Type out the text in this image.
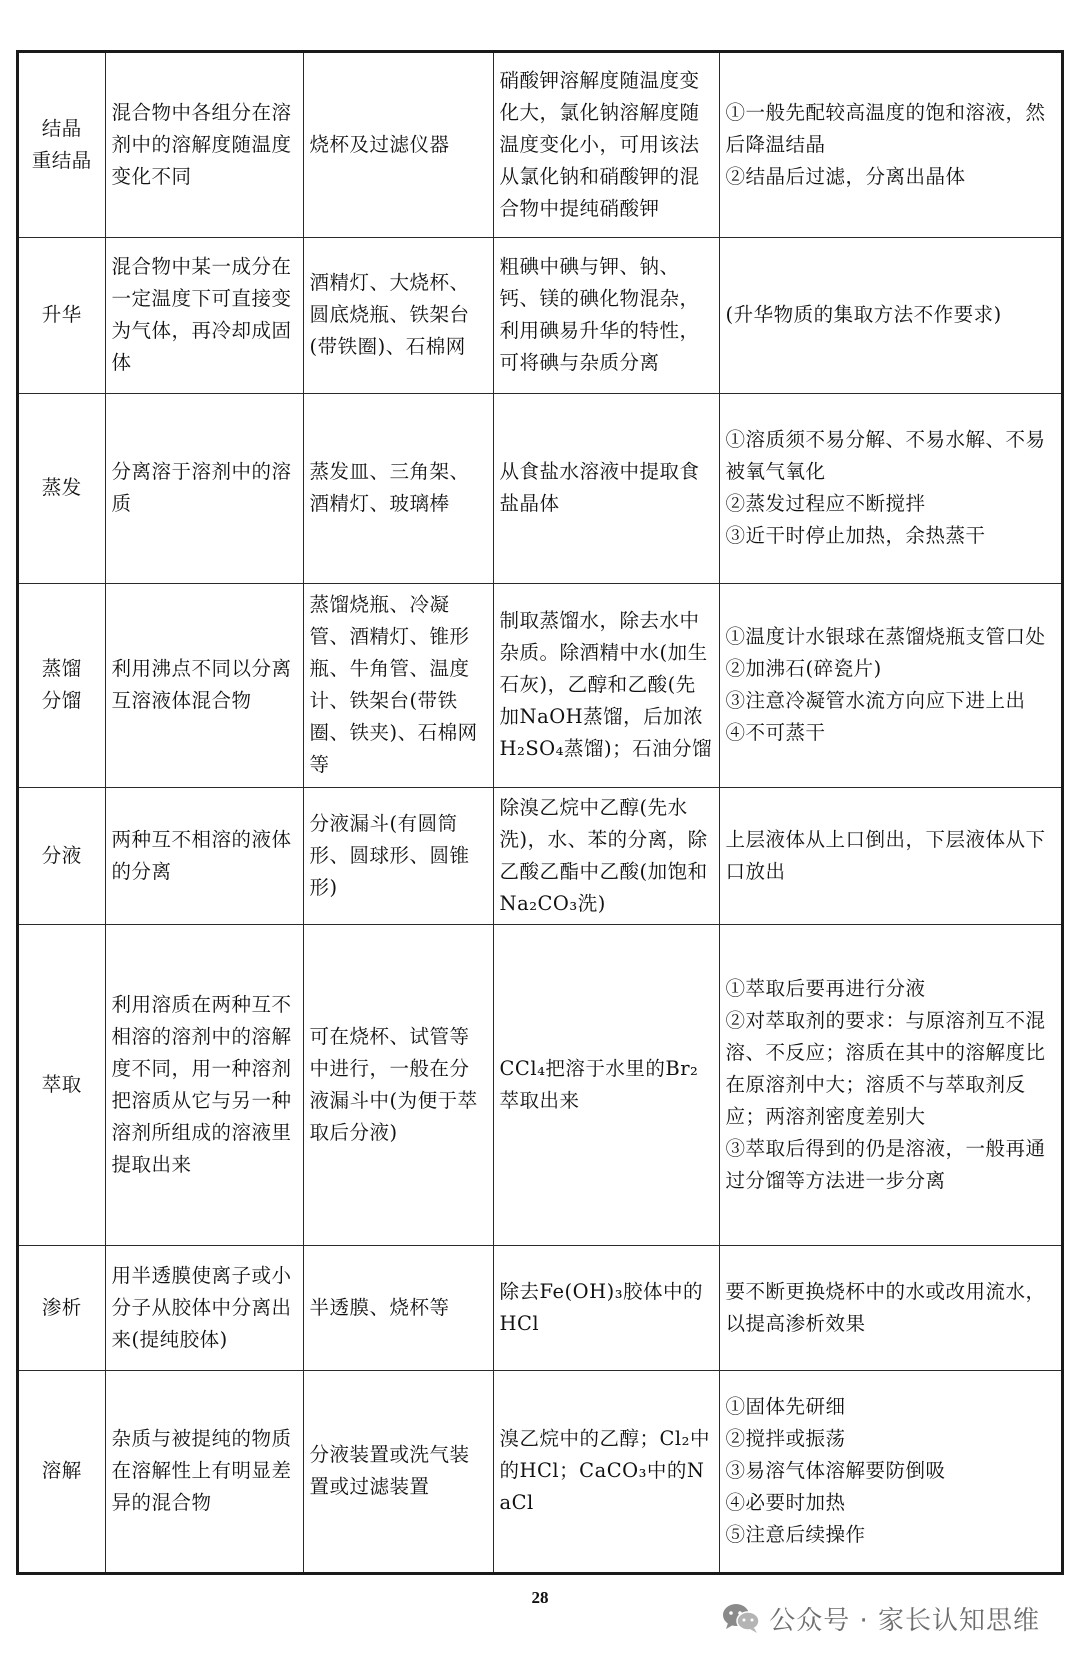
结晶
重结晶	混合物中各组分在溶剂中的溶解度随温度变化不同	烧杯及过滤仪器	硝酸钾溶解度随温度变化大，氯化钠溶解度随温度变化小，可用该法从氯化钠和硝酸钾的混合物中提纯硝酸钾	①一般先配较高温度的饱和溶液，然后降温结晶
②结晶后过滤，分离出晶体

升华	混合物中某一成分在一定温度下可直接变为气体，再冷却成固体	酒精灯、大烧杯、圆底烧瓶、铁架台(带铁圈)、石棉网	粗碘中碘与钾、钠、钙、镁的碘化物混杂，利用碘易升华的特性，可将碘与杂质分离	(升华物质的集取方法不作要求)

蒸发	分离溶于溶剂中的溶质	蒸发皿、三角架、酒精灯、玻璃棒	从食盐水溶液中提取食盐晶体	①溶质须不易分解、不易水解、不易被氧气氧化
②蒸发过程应不断搅拌
③近干时停止加热，余热蒸干

蒸馏
分馏	利用沸点不同以分离互溶液体混合物	蒸馏烧瓶、冷凝管、酒精灯、锥形瓶、牛角管、温度计、铁架台(带铁圈、铁夹)、石棉网等	制取蒸馏水，除去水中杂质。除酒精中水(加生石灰)，乙醇和乙酸(先加NaOH蒸馏，后加浓H₂SO₄蒸馏)；石油分馏	①温度计水银球在蒸馏烧瓶支管口处
②加沸石(碎瓷片)
③注意冷凝管水流方向应下进上出
④不可蒸干

分液	两种互不相溶的液体的分离	分液漏斗(有圆筒形、圆球形、圆锥形)	除溴乙烷中乙醇(先水洗)，水、苯的分离，除乙酸乙酯中乙酸(加饱和Na₂CO₃洗)	上层液体从上口倒出，下层液体从下口放出

萃取	利用溶质在两种互不相溶的溶剂中的溶解度不同，用一种溶剂把溶质从它与另一种溶剂所组成的溶液里提取出来	可在烧杯、试管等中进行，一般在分液漏斗中(为便于萃取后分液)	CCl₄把溶于水里的Br₂萃取出来	①萃取后要再进行分液
②对萃取剂的要求：与原溶剂互不混溶、不反应；溶质在其中的溶解度比在原溶剂中大；溶质不与萃取剂反应；两溶剂密度差别大
③萃取后得到的仍是溶液，一般再通过分馏等方法进一步分离

渗析	用半透膜使离子或小分子从胶体中分离出来(提纯胶体)	半透膜、烧杯等	除去Fe(OH)₃胶体中的HCl	要不断更换烧杯中的水或改用流水，以提高渗析效果

溶解	杂质与被提纯的物质在溶解性上有明显差异的混合物	分液装置或洗气装置或过滤装置	溴乙烷中的乙醇；Cl₂中的HCl；CaCO₃中的NaCl	①固体先研细
②搅拌或振荡
③易溶气体溶解要防倒吸
④必要时加热
⑤注意后续操作
28
公众号 · 家长认知思维
